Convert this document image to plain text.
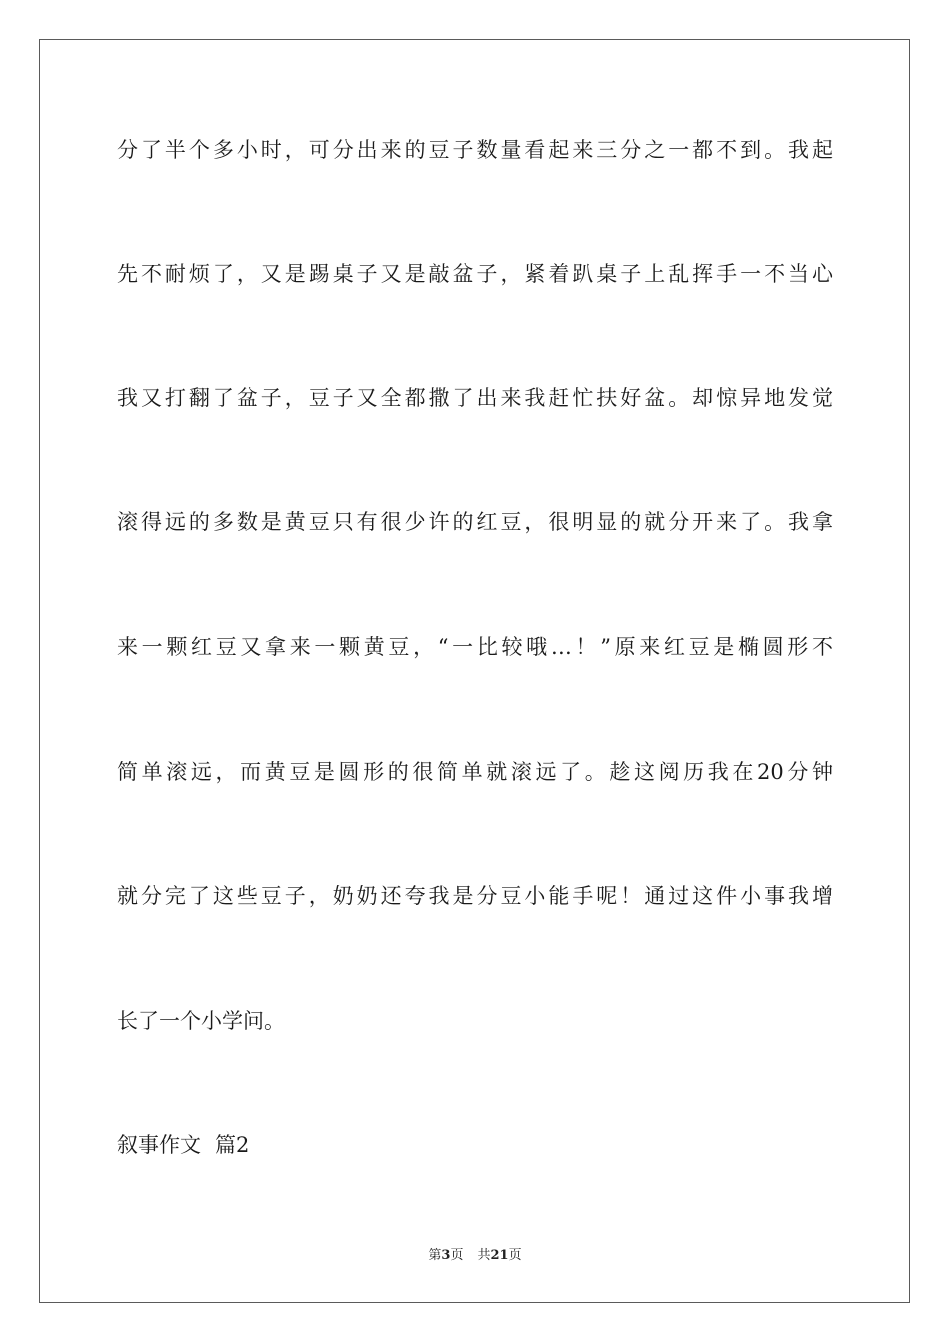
分了半个多小时，可分出来的豆子数量看起来三分之一都不到。我起

先不耐烦了，又是踢桌子又是敲盆子，紧着趴桌子上乱挥手一不当心

我又打翻了盆子，豆子又全都撒了出来我赶忙扶好盆。却惊异地发觉

滚得远的多数是黄豆只有很少许的红豆，很明显的就分开来了。我拿

来一颗红豆又拿来一颗黄豆，“一比较哦…！”原来红豆是椭圆形不

简单滚远，而黄豆是圆形的很简单就滚远了。趁这阅历我在20分钟

就分完了这些豆子，奶奶还夸我是分豆小能手呢！通过这件小事我增

长了一个小学问。

叙事作文 篇2

第3页 共21页
